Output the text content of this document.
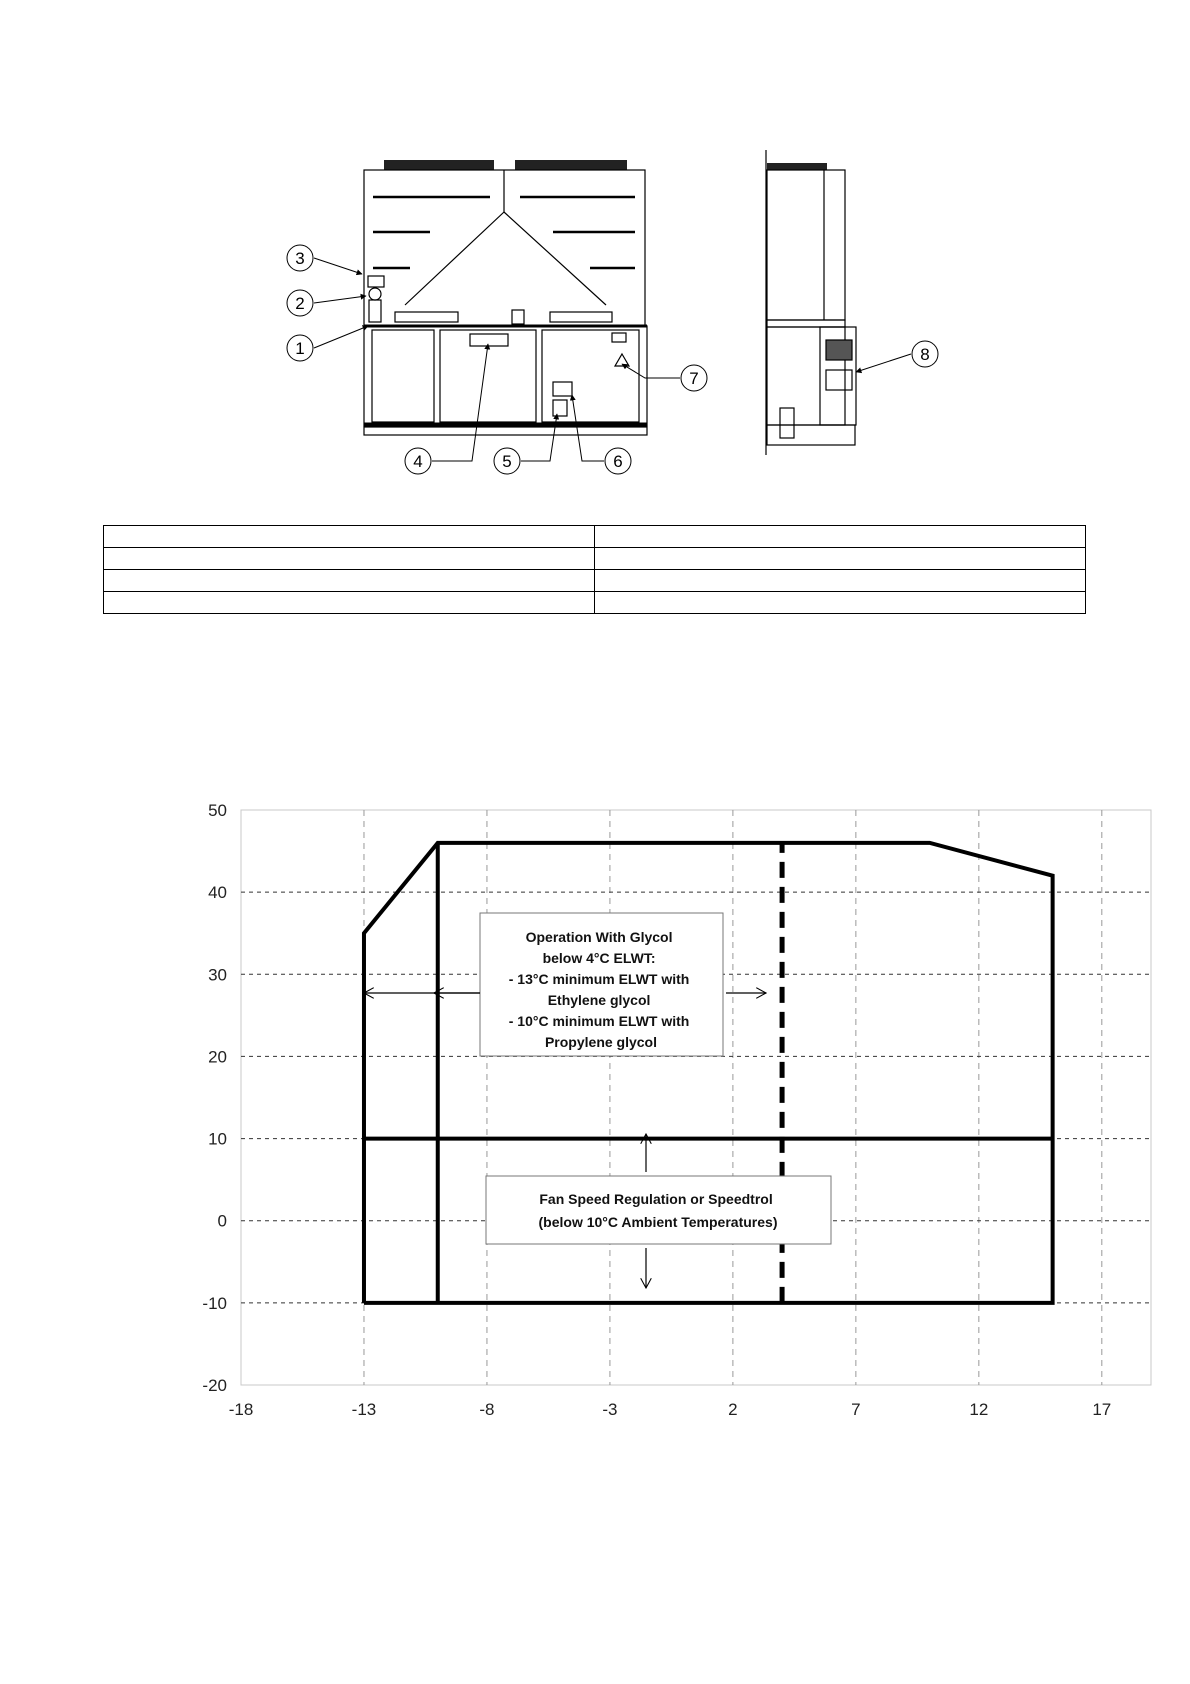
3
2
1
4	5	6
7
8

-18	-13	-8	-3	2	7	12	17
50
40
30
20
10
0
-10
-20
Operation With Glycol below 4°C ELWT: - 13°C minimum ELWT with Ethylene glycol - 10°C minimum ELWT with Propylene glycol
Fan Speed Regulation or Speedtrol (below 10°C Ambient Temperatures)
